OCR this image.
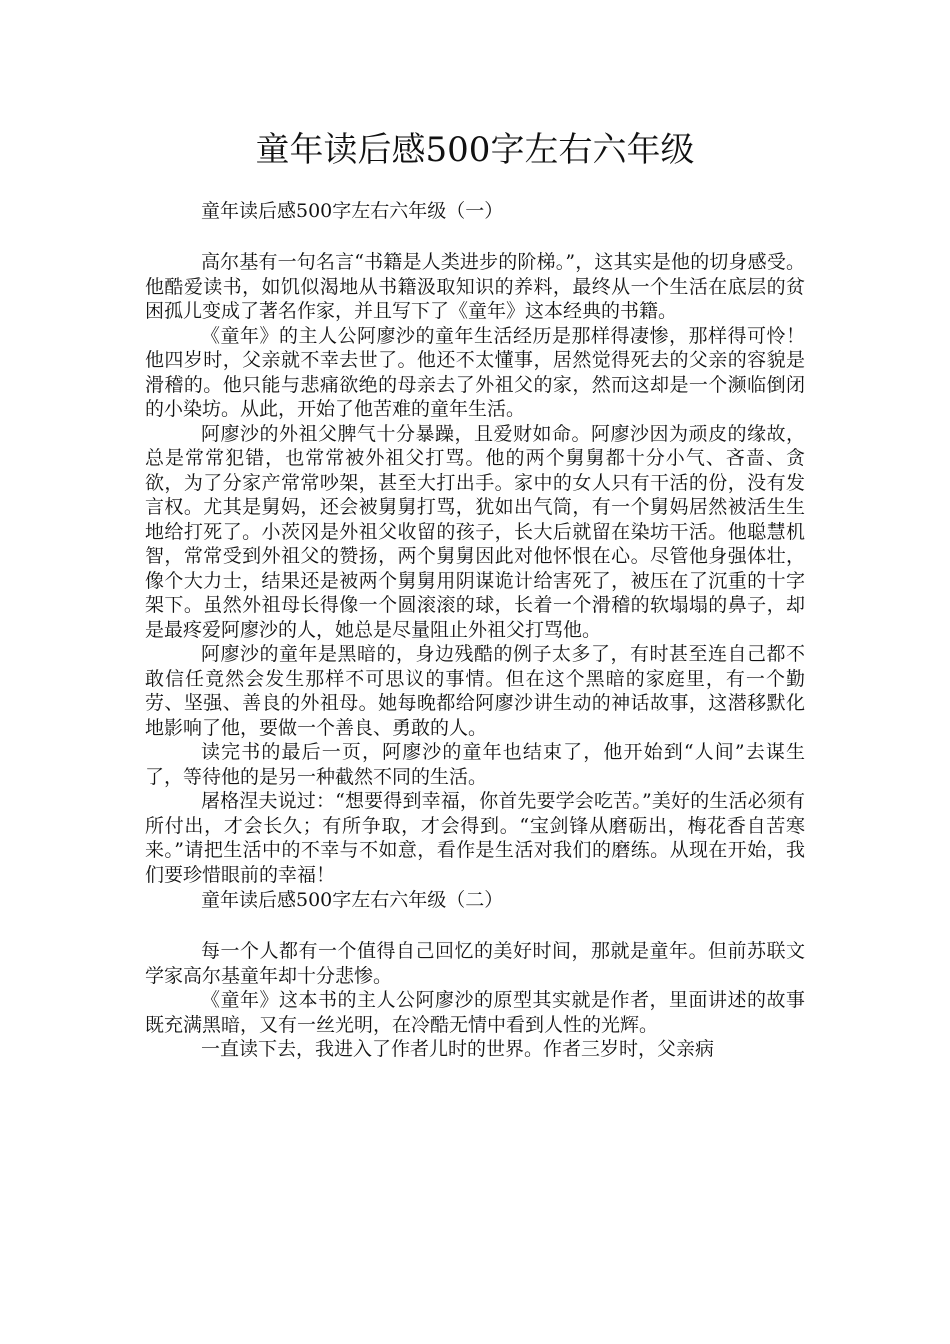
童年读后感500字左右六年级

童年读后感500字左右六年级（一）

高尔基有一句名言“书籍是人类进步的阶梯。”，这其实是他的切身感受。他酷爱读书，如饥似渴地从书籍汲取知识的养料，最终从一个生活在底层的贫困孤儿变成了著名作家，并且写下了《童年》这本经典的书籍。

《童年》的主人公阿廖沙的童年生活经历是那样得凄惨，那样得可怜！他四岁时，父亲就不幸去世了。他还不太懂事，居然觉得死去的父亲的容貌是滑稽的。他只能与悲痛欲绝的母亲去了外祖父的家，然而这却是一个濒临倒闭的小染坊。从此，开始了他苦难的童年生活。

阿廖沙的外祖父脾气十分暴躁，且爱财如命。阿廖沙因为顽皮的缘故，总是常常犯错，也常常被外祖父打骂。他的两个舅舅都十分小气、吝啬、贪欲，为了分家产常常吵架，甚至大打出手。家中的女人只有干活的份，没有发言权。尤其是舅妈，还会被舅舅打骂，犹如出气筒，有一个舅妈居然被活生生地给打死了。小茨冈是外祖父收留的孩子，长大后就留在染坊干活。他聪慧机智，常常受到外祖父的赞扬，两个舅舅因此对他怀恨在心。尽管他身强体壮，像个大力士，结果还是被两个舅舅用阴谋诡计给害死了，被压在了沉重的十字架下。虽然外祖母长得像一个圆滚滚的球，长着一个滑稽的软塌塌的鼻子，却是最疼爱阿廖沙的人，她总是尽量阻止外祖父打骂他。

阿廖沙的童年是黑暗的，身边残酷的例子太多了，有时甚至连自己都不敢信任竟然会发生那样不可思议的事情。但在这个黑暗的家庭里，有一个勤劳、坚强、善良的外祖母。她每晚都给阿廖沙讲生动的神话故事，这潜移默化地影响了他，要做一个善良、勇敢的人。

读完书的最后一页，阿廖沙的童年也结束了，他开始到“人间”去谋生了，等待他的是另一种截然不同的生活。

屠格涅夫说过：“想要得到幸福，你首先要学会吃苦。”美好的生活必须有所付出，才会长久；有所争取，才会得到。“宝剑锋从磨砺出，梅花香自苦寒来。”请把生活中的不幸与不如意，看作是生活对我们的磨练。从现在开始，我们要珍惜眼前的幸福！

童年读后感500字左右六年级（二）

每一个人都有一个值得自己回忆的美好时间，那就是童年。但前苏联文学家高尔基童年却十分悲惨。

《童年》这本书的主人公阿廖沙的原型其实就是作者，里面讲述的故事既充满黑暗，又有一丝光明，在冷酷无情中看到人性的光辉。

一直读下去，我进入了作者儿时的世界。作者三岁时，父亲病
